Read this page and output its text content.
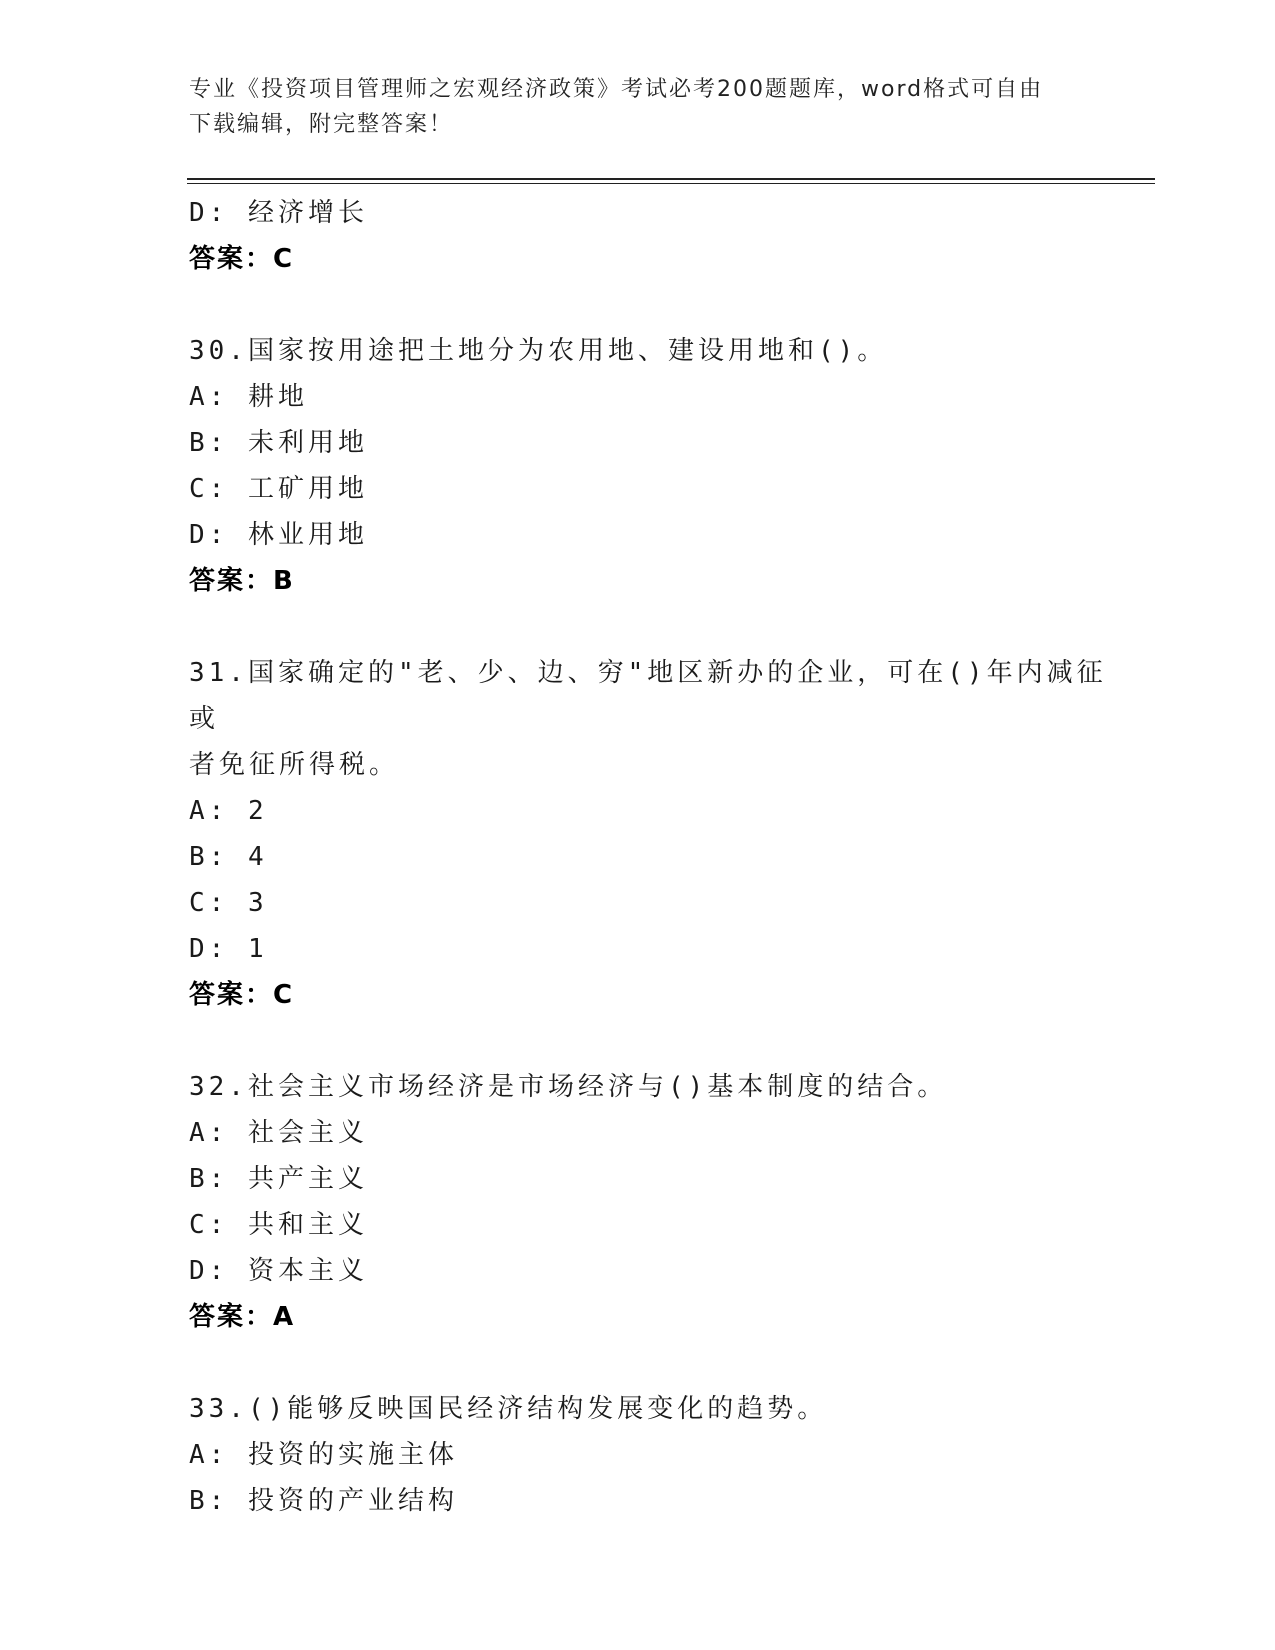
专业《投资项目管理师之宏观经济政策》考试必考200题题库，word格式可自由
下载编辑，附完整答案！
D: 经济增长
答案：C
30.国家按用途把土地分为农用地、建设用地和()。
A: 耕地
B: 未利用地
C: 工矿用地
D: 林业用地
答案：B
31.国家确定的"老、少、边、穷"地区新办的企业，可在()年内减征或
者免征所得税。
A: 2
B: 4
C: 3
D: 1
答案：C
32.社会主义市场经济是市场经济与()基本制度的结合。
A: 社会主义
B: 共产主义
C: 共和主义
D: 资本主义
答案：A
33.()能够反映国民经济结构发展变化的趋势。
A: 投资的实施主体
B: 投资的产业结构
